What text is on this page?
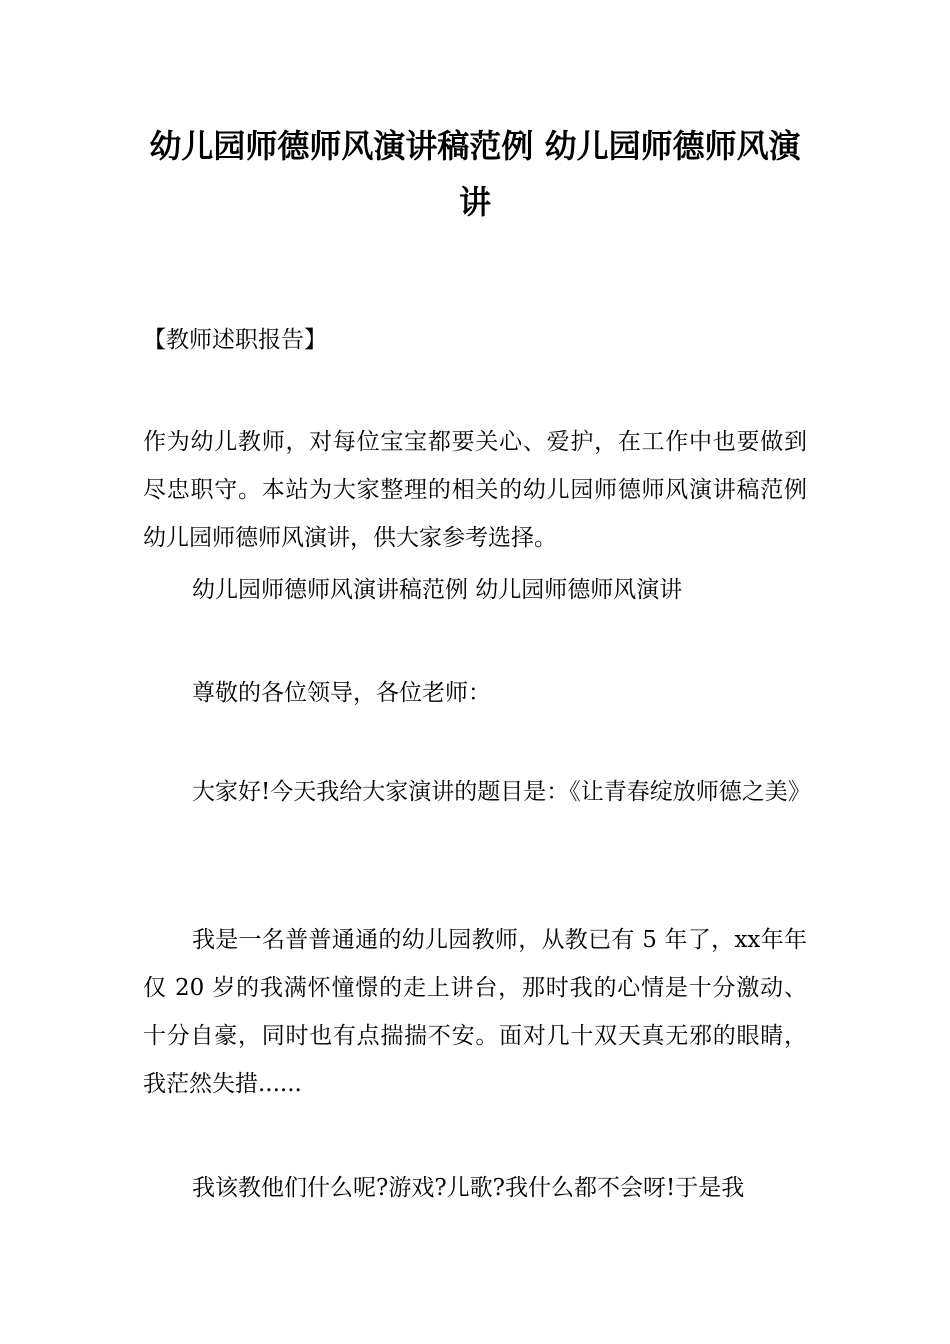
幼儿园师德师风演讲稿范例 幼儿园师德师风演讲

【教师述职报告】

作为幼儿教师，对每位宝宝都要关心、爱护，在工作中也要做到尽忠职守。本站为大家整理的相关的幼儿园师德师风演讲稿范例 幼儿园师德师风演讲，供大家参考选择。

幼儿园师德师风演讲稿范例 幼儿园师德师风演讲

尊敬的各位领导，各位老师：

大家好!今天我给大家演讲的题目是：《让青春绽放师德之美》

我是一名普普通通的幼儿园教师，从教已有 5 年了，xx年年仅 20 岁的我满怀憧憬的走上讲台，那时我的心情是十分激动、十分自豪，同时也有点揣揣不安。面对几十双天真无邪的眼睛，我茫然失措......

我该教他们什么呢?游戏?儿歌?我什么都不会呀!于是我
